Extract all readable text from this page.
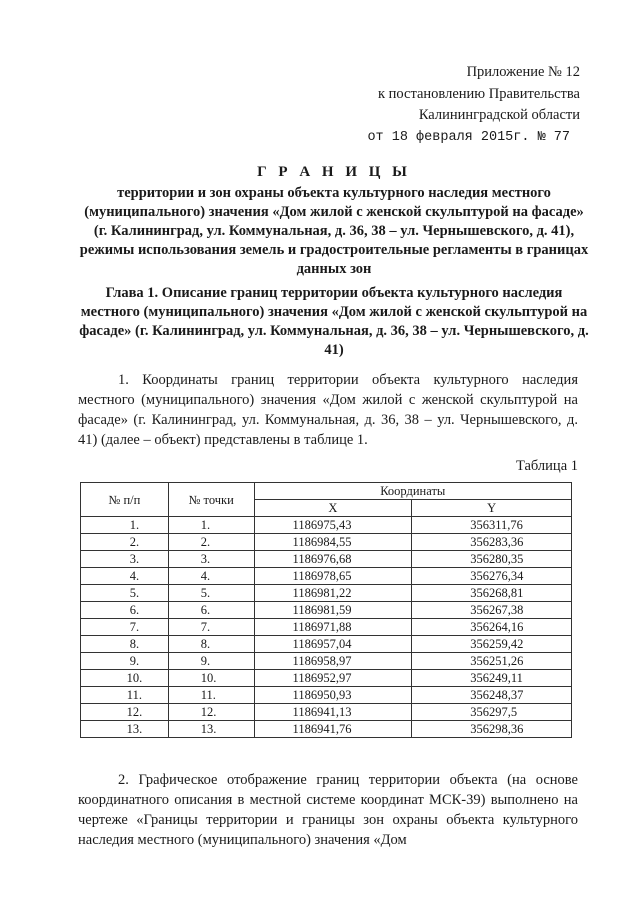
Приложение № 12
к постановлению Правительства
Калининградской области
от 18 февраля 2015г. № 77
Г Р А Н И Ц Ы
территории и зон охраны объекта культурного наследия местного (муниципального) значения «Дом жилой с женской скульптурой на фасаде» (г. Калининград, ул. Коммунальная, д. 36, 38 – ул. Чернышевского, д. 41), режимы использования земель и градостроительные регламенты в границах данных зон
Глава 1. Описание границ территории объекта культурного наследия местного (муниципального) значения «Дом жилой с женской скульптурой на фасаде» (г. Калининград, ул. Коммунальная, д. 36, 38 – ул. Чернышевского, д. 41)
1. Координаты границ территории объекта культурного наследия местного (муниципального) значения «Дом жилой с женской скульптурой на фасаде» (г. Калининград, ул. Коммунальная, д. 36, 38 – ул. Чернышевского, д. 41) (далее – объект) представлены в таблице 1.
Таблица 1
№ п/п	№ точки	Координаты	
		X	Y
1.	1.	1186975,43	356311,76
2.	2.	1186984,55	356283,36
3.	3.	1186976,68	356280,35
4.	4.	1186978,65	356276,34
5.	5.	1186981,22	356268,81
6.	6.	1186981,59	356267,38
7.	7.	1186971,88	356264,16
8.	8.	1186957,04	356259,42
9.	9.	1186958,97	356251,26
10.	10.	1186952,97	356249,11
11.	11.	1186950,93	356248,37
12.	12.	1186941,13	356297,5
13.	13.	1186941,76	356298,36
2. Графическое отображение границ территории объекта (на основе координатного описания в местной системе координат МСК-39) выполнено на чертеже «Границы территории и границы зон охраны объекта культурного наследия местного (муниципального) значения «Дом
